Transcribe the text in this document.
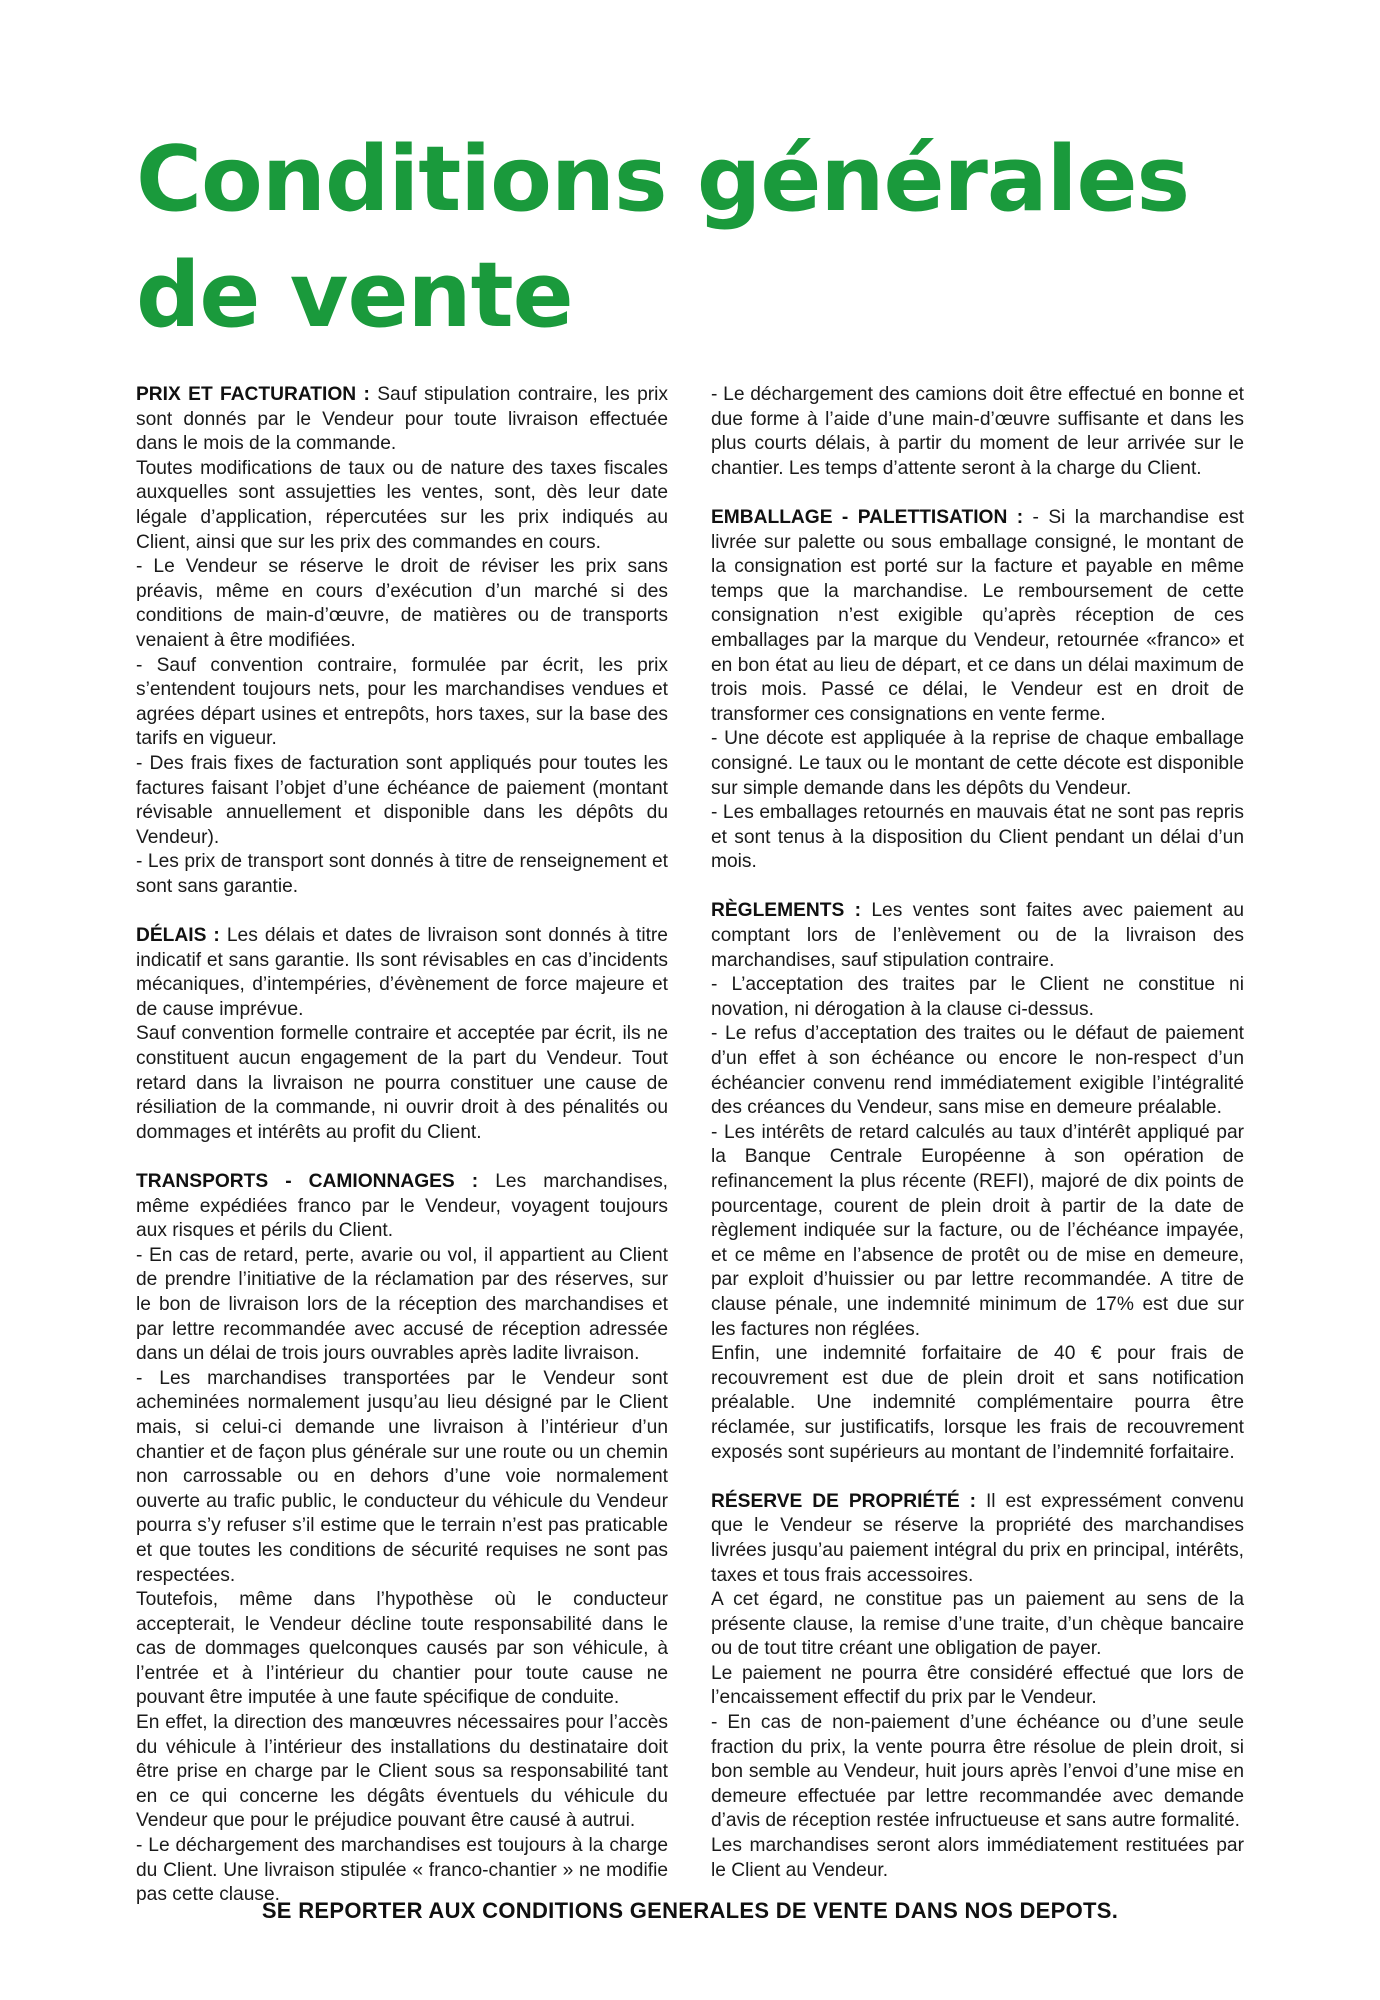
Conditions générales
de vente

PRIX ET FACTURATION : Sauf stipulation contraire, les prix sont donnés par le Vendeur pour toute livraison effectuée dans le mois de la commande.

Toutes modifications de taux ou de nature des taxes fiscales auxquelles sont assujetties les ventes, sont, dès leur date légale d’application, répercutées sur les prix indiqués au Client, ainsi que sur les prix des commandes en cours.

- Le Vendeur se réserve le droit de réviser les prix sans préavis, même en cours d’exécution d’un marché si des conditions de main-d’œuvre, de matières ou de transports venaient à être modifiées.

- Sauf convention contraire, formulée par écrit, les prix s’entendent toujours nets, pour les marchandises vendues et agrées départ usines et entrepôts, hors taxes, sur la base des tarifs en vigueur.

- Des frais fixes de facturation sont appliqués pour toutes les factures faisant l’objet d’une échéance de paiement (montant révisable annuellement et disponible dans les dépôts du Vendeur).

- Les prix de transport sont donnés à titre de renseignement et sont sans garantie.

DÉLAIS : Les délais et dates de livraison sont donnés à titre indicatif et sans garantie. Ils sont révisables en cas d’incidents mécaniques, d’intempéries, d’évènement de force majeure et de cause imprévue.

Sauf convention formelle contraire et acceptée par écrit, ils ne constituent aucun engagement de la part du Vendeur. Tout retard dans la livraison ne pourra constituer une cause de résiliation de la commande, ni ouvrir droit à des pénalités ou dommages et intérêts au profit du Client.

TRANSPORTS - CAMIONNAGES : Les marchandises, même expédiées franco par le Vendeur, voyagent toujours aux risques et périls du Client.

- En cas de retard, perte, avarie ou vol, il appartient au Client de prendre l’initiative de la réclamation par des réserves, sur le bon de livraison lors de la réception des marchandises et par lettre recommandée avec accusé de réception adressée dans un délai de trois jours ouvrables après ladite livraison.

- Les marchandises transportées par le Vendeur sont acheminées normalement jusqu’au lieu désigné par le Client mais, si celui-ci demande une livraison à l’intérieur d’un chantier et de façon plus générale sur une route ou un chemin non carrossable ou en dehors d’une voie normalement ouverte au trafic public, le conducteur du véhicule du Vendeur pourra s’y refuser s’il estime que le terrain n’est pas praticable et que toutes les conditions de sécurité requises ne sont pas respectées.

Toutefois, même dans l’hypothèse où le conducteur accepterait, le Vendeur décline toute responsabilité dans le cas de dommages quelconques causés par son véhicule, à l’entrée et à l’intérieur du chantier pour toute cause ne pouvant être imputée à une faute spécifique de conduite.

En effet, la direction des manœuvres nécessaires pour l’accès du véhicule à l’intérieur des installations du destinataire doit être prise en charge par le Client sous sa responsabilité tant en ce qui concerne les dégâts éventuels du véhicule du Vendeur que pour le préjudice pouvant être causé à autrui.

- Le déchargement des marchandises est toujours à la charge du Client. Une livraison stipulée « franco-chantier » ne modifie pas cette clause.

- Le déchargement des camions doit être effectué en bonne et due forme à l’aide d’une main-d’œuvre suffisante et dans les plus courts délais, à partir du moment de leur arrivée sur le chantier. Les temps d’attente seront à la charge du Client.

EMBALLAGE - PALETTISATION : - Si la marchandise est livrée sur palette ou sous emballage consigné, le montant de la consignation est porté sur la facture et payable en même temps que la marchandise. Le remboursement de cette consignation n’est exigible qu’après réception de ces emballages par la marque du Vendeur, retournée «franco» et en bon état au lieu de départ, et ce dans un délai maximum de trois mois. Passé ce délai, le Vendeur est en droit de transformer ces consignations en vente ferme.

- Une décote est appliquée à la reprise de chaque emballage consigné. Le taux ou le montant de cette décote est disponible sur simple demande dans les dépôts du Vendeur.

- Les emballages retournés en mauvais état ne sont pas repris et sont tenus à la disposition du Client pendant un délai d’un mois.

RÈGLEMENTS : Les ventes sont faites avec paiement au comptant lors de l’enlèvement ou de la livraison des marchandises, sauf stipulation contraire.

- L’acceptation des traites par le Client ne constitue ni novation, ni dérogation à la clause ci-dessus.

- Le refus d’acceptation des traites ou le défaut de paiement d’un effet à son échéance ou encore le non-respect d’un échéancier convenu rend immédiatement exigible l’intégralité des créances du Vendeur, sans mise en demeure préalable.

- Les intérêts de retard calculés au taux d’intérêt appliqué par la Banque Centrale Européenne à son opération de refinancement la plus récente (REFI), majoré de dix points de pourcentage, courent de plein droit à partir de la date de règlement indiquée sur la facture, ou de l’échéance impayée, et ce même en l’absence de protêt ou de mise en demeure, par exploit d’huissier ou par lettre recommandée. A titre de clause pénale, une indemnité minimum de 17% est due sur les factures non réglées.

Enfin, une indemnité forfaitaire de 40 € pour frais de recouvrement est due de plein droit et sans notification préalable. Une indemnité complémentaire pourra être réclamée, sur justificatifs, lorsque les frais de recouvrement exposés sont supérieurs au montant de l’indemnité forfaitaire.

RÉSERVE DE PROPRIÉTÉ : Il est expressément convenu que le Vendeur se réserve la propriété des marchandises livrées jusqu’au paiement intégral du prix en principal, intérêts, taxes et tous frais accessoires.

A cet égard, ne constitue pas un paiement au sens de la présente clause, la remise d’une traite, d’un chèque bancaire ou de tout titre créant une obligation de payer.

Le paiement ne pourra être considéré effectué que lors de l’encaissement effectif du prix par le Vendeur.

- En cas de non-paiement d’une échéance ou d’une seule fraction du prix, la vente pourra être résolue de plein droit, si bon semble au Vendeur, huit jours après l’envoi d’une mise en demeure effectuée par lettre recommandée avec demande d’avis de réception restée infructueuse et sans autre formalité.

Les marchandises seront alors immédiatement restituées par le Client au Vendeur.

SE REPORTER AUX CONDITIONS GENERALES DE VENTE DANS NOS DEPOTS.
